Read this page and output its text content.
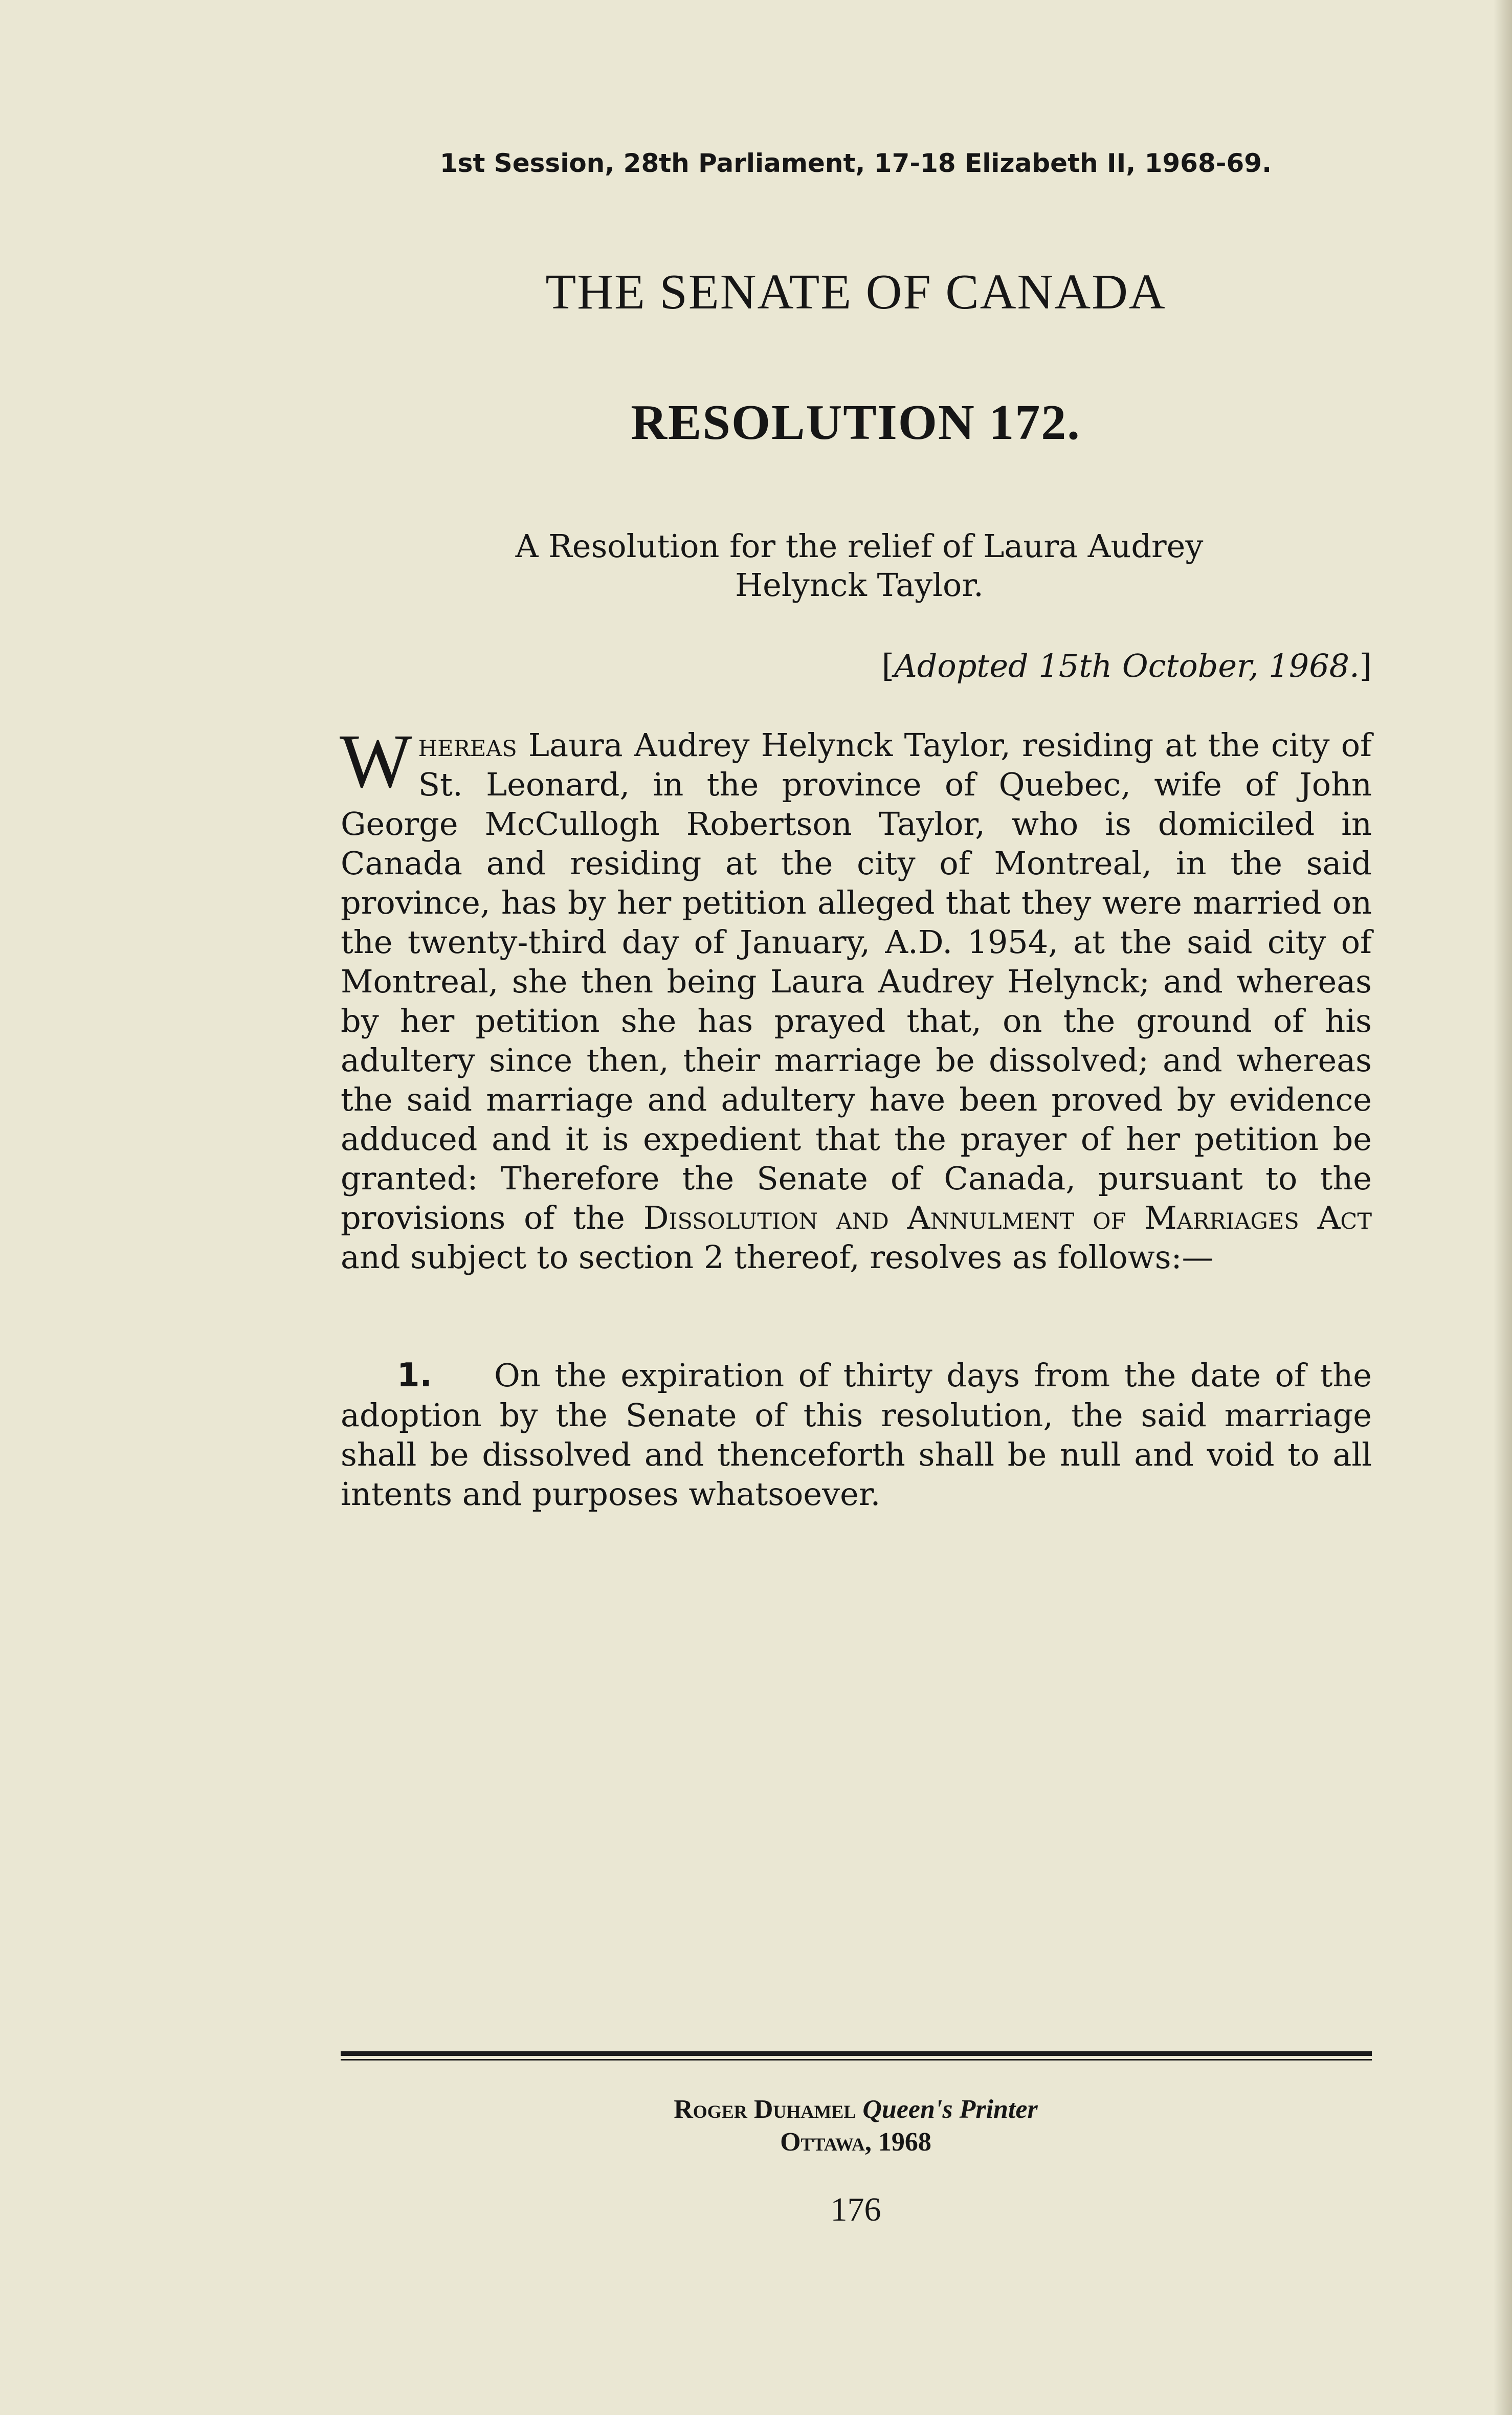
1st Session, 28th Parliament, 17-18 Elizabeth II, 1968-69.
THE SENATE OF CANADA
RESOLUTION 172.
A Resolution for the relief of Laura Audrey Helynck Taylor.
[Adopted 15th October, 1968.]

Whereas Laura Audrey Helynck Taylor, residing at the city of St. Leonard, in the province of Quebec, wife of John George McCullogh Robertson Taylor, who is domiciled in Canada and residing at the city of Montreal, in the said province, has by her petition alleged that they were married on the twenty-third day of January, A.D. 1954, at the said city of Montreal, she then being Laura Audrey Helynck; and whereas by her petition she has prayed that, on the ground of his adultery since then, their marriage be dissolved; and whereas the said marriage and adultery have been proved by evidence adduced and it is expedient that the prayer of her petition be granted: Therefore the Senate of Canada, pursuant to the provisions of the Dissolution and Annulment of Marriages Act and subject to section 2 thereof, resolves as follows:—

1. On the expiration of thirty days from the date of the adoption by the Senate of this resolution, the said marriage shall be dissolved and thenceforth shall be null and void to all intents and purposes whatsoever.

Roger Duhamel Queen's Printer
Ottawa, 1968
176
